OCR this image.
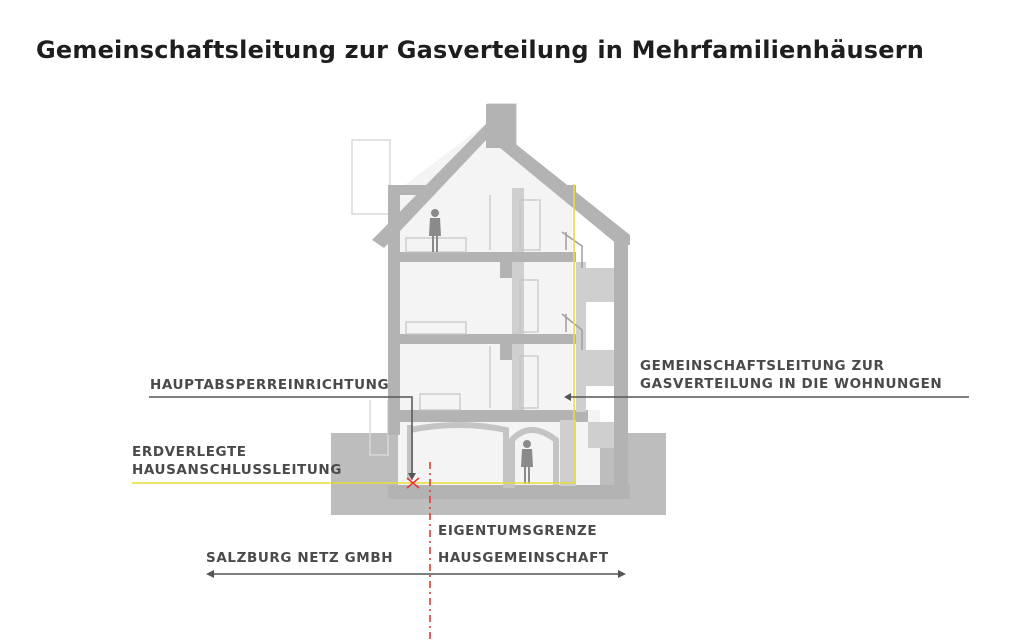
Gemeinschaftsleitung zur Gasverteilung in Mehrfamilienhäusern
HAUPTABSPERREINRICHTUNG
GEMEINSCHAFTSLEITUNG ZUR
GASVERTEILUNG IN DIE WOHNUNGEN
ERDVERLEGTE
HAUSANSCHLUSSLEITUNG
EIGENTUMSGRENZE
SALZBURG NETZ GMBH	HAUSGEMEINSCHAFT
